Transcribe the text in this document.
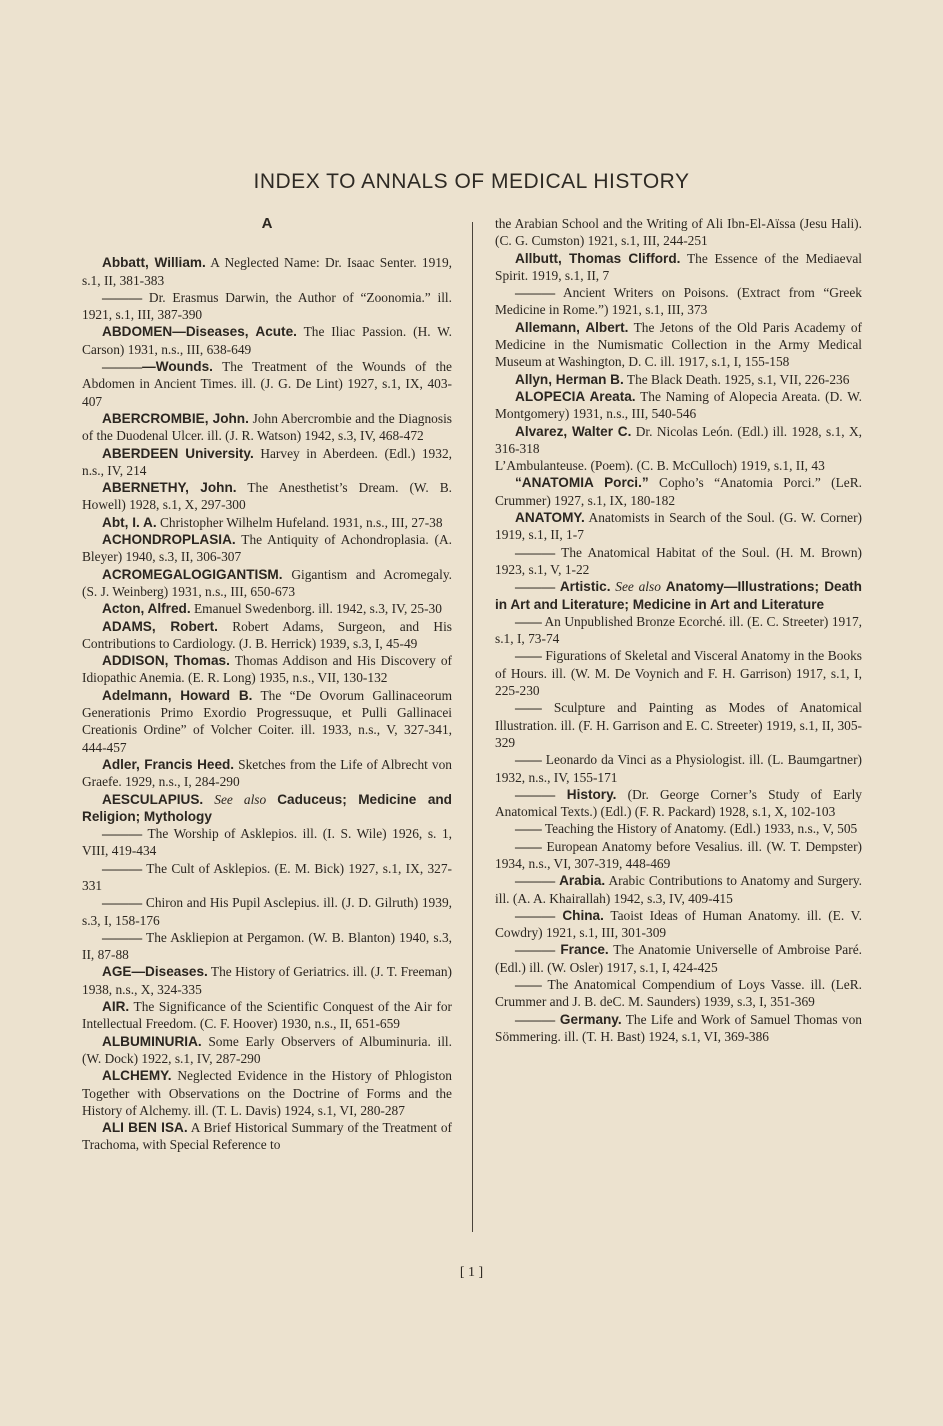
INDEX TO ANNALS OF MEDICAL HISTORY
A

Abbatt, William. A Neglected Name: Dr. Isaac Senter. 1919, s.1, II, 381-383

——— Dr. Erasmus Darwin, the Author of “Zoonomia.” ill. 1921, s.1, III, 387-390

ABDOMEN—Diseases, Acute. The Iliac Passion. (H. W. Carson) 1931, n.s., III, 638-649

————Wounds. The Treatment of the Wounds of the Abdomen in Ancient Times. ill. (J. G. De Lint) 1927, s.1, IX, 403-407

ABERCROMBIE, John. John Abercrombie and the Diagnosis of the Duodenal Ulcer. ill. (J. R. Watson) 1942, s.3, IV, 468-472

ABERDEEN University. Harvey in Aberdeen. (Edl.) 1932, n.s., IV, 214

ABERNETHY, John. The Anesthetist’s Dream. (W. B. Howell) 1928, s.1, X, 297-300

Abt, I. A. Christopher Wilhelm Hufeland. 1931, n.s., III, 27-38

ACHONDROPLASIA. The Antiquity of Achondroplasia. (A. Bleyer) 1940, s.3, II, 306-307

ACROMEGALOGIGANTISM. Gigantism and Acromegaly. (S. J. Weinberg) 1931, n.s., III, 650-673

Acton, Alfred. Emanuel Swedenborg. ill. 1942, s.3, IV, 25-30

ADAMS, Robert. Robert Adams, Surgeon, and His Contributions to Cardiology. (J. B. Herrick) 1939, s.3, I, 45-49

ADDISON, Thomas. Thomas Addison and His Discovery of Idiopathic Anemia. (E. R. Long) 1935, n.s., VII, 130-132

Adelmann, Howard B. The “De Ovorum Gallinaceorum Generationis Primo Exordio Progressuque, et Pulli Gallinacei Creationis Ordine” of Volcher Coiter. ill. 1933, n.s., V, 327-341, 444-457

Adler, Francis Heed. Sketches from the Life of Albrecht von Graefe. 1929, n.s., I, 284-290

AESCULAPIUS. See also Caduceus; Medicine and Religion; Mythology

——— The Worship of Asklepios. ill. (I. S. Wile) 1926, s. 1, VIII, 419-434

——— The Cult of Asklepios. (E. M. Bick) 1927, s.1, IX, 327-331

——— Chiron and His Pupil Asclepius. ill. (J. D. Gilruth) 1939, s.3, I, 158-176

——— The Askliepion at Pergamon. (W. B. Blanton) 1940, s.3, II, 87-88

AGE—Diseases. The History of Geriatrics. ill. (J. T. Freeman) 1938, n.s., X, 324-335

AIR. The Significance of the Scientific Conquest of the Air for Intellectual Freedom. (C. F. Hoover) 1930, n.s., II, 651-659

ALBUMINURIA. Some Early Observers of Albuminuria. ill. (W. Dock) 1922, s.1, IV, 287-290

ALCHEMY. Neglected Evidence in the History of Phlogiston Together with Observations on the Doctrine of Forms and the History of Alchemy. ill. (T. L. Davis) 1924, s.1, VI, 280-287

ALI BEN ISA. A Brief Historical Summary of the Treatment of Trachoma, with Special Reference to

the Arabian School and the Writing of Ali Ibn-El-Aïssa (Jesu Hali). (C. G. Cumston) 1921, s.1, III, 244-251

Allbutt, Thomas Clifford. The Essence of the Mediaeval Spirit. 1919, s.1, II, 7

——— Ancient Writers on Poisons. (Extract from “Greek Medicine in Rome.”) 1921, s.1, III, 373

Allemann, Albert. The Jetons of the Old Paris Academy of Medicine in the Numismatic Collection in the Army Medical Museum at Washington, D. C. ill. 1917, s.1, I, 155-158

Allyn, Herman B. The Black Death. 1925, s.1, VII, 226-236

ALOPECIA Areata. The Naming of Alopecia Areata. (D. W. Montgomery) 1931, n.s., III, 540-546

Alvarez, Walter C. Dr. Nicolas León. (Edl.) ill. 1928, s.1, X, 316-318

L’Ambulanteuse. (Poem). (C. B. McCulloch) 1919, s.1, II, 43

“ANATOMIA Porci.” Copho’s “Anatomia Porci.” (LeR. Crummer) 1927, s.1, IX, 180-182

ANATOMY. Anatomists in Search of the Soul. (G. W. Corner) 1919, s.1, II, 1-7

——— The Anatomical Habitat of the Soul. (H. M. Brown) 1923, s.1, V, 1-22

——— Artistic. See also Anatomy—Illustrations; Death in Art and Literature; Medicine in Art and Literature

—— An Unpublished Bronze Ecorché. ill. (E. C. Streeter) 1917, s.1, I, 73-74

—— Figurations of Skeletal and Visceral Anatomy in the Books of Hours. ill. (W. M. De Voynich and F. H. Garrison) 1917, s.1, I, 225-230

—— Sculpture and Painting as Modes of Anatomical Illustration. ill. (F. H. Garrison and E. C. Streeter) 1919, s.1, II, 305-329

—— Leonardo da Vinci as a Physiologist. ill. (L. Baumgartner) 1932, n.s., IV, 155-171

——— History. (Dr. George Corner’s Study of Early Anatomical Texts.) (Edl.) (F. R. Packard) 1928, s.1, X, 102-103

—— Teaching the History of Anatomy. (Edl.) 1933, n.s., V, 505

—— European Anatomy before Vesalius. ill. (W. T. Dempster) 1934, n.s., VI, 307-319, 448-469

——— Arabia. Arabic Contributions to Anatomy and Surgery. ill. (A. A. Khairallah) 1942, s.3, IV, 409-415

——— China. Taoist Ideas of Human Anatomy. ill. (E. V. Cowdry) 1921, s.1, III, 301-309

——— France. The Anatomie Universelle of Ambroise Paré. (Edl.) ill. (W. Osler) 1917, s.1, I, 424-425

—— The Anatomical Compendium of Loys Vasse. ill. (LeR. Crummer and J. B. deC. M. Saunders) 1939, s.3, I, 351-369

——— Germany. The Life and Work of Samuel Thomas von Sömmering. ill. (T. H. Bast) 1924, s.1, VI, 369-386

[ 1 ]
